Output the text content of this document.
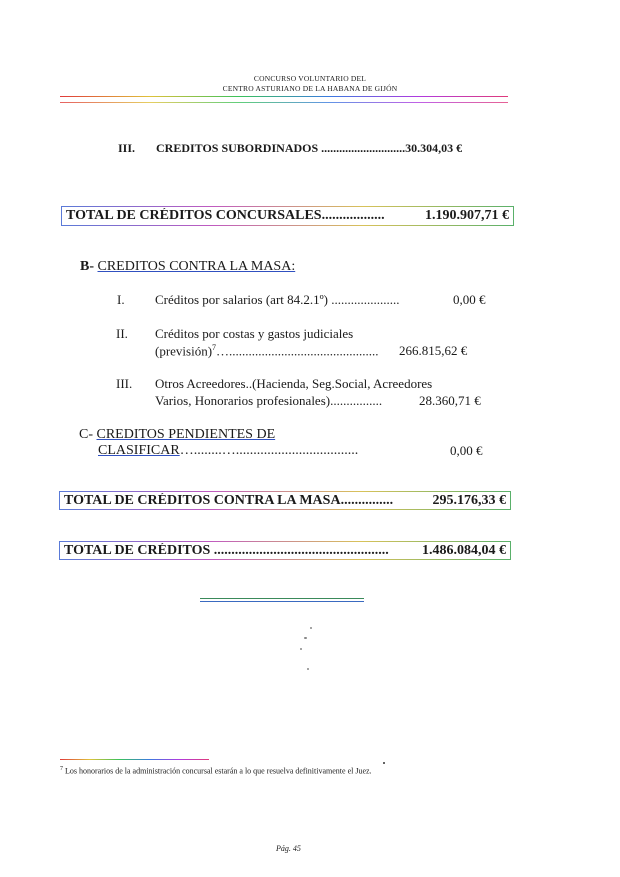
CONCURSO VOLUNTARIO DEL
CENTRO ASTURIANO DE LA HABANA DE GIJÓN
III. CREDITOS SUBORDINADOS ............................30.304,03 €
TOTAL DE CRÉDITOS CONCURSALES..................	1.190.907,71 €
B- CREDITOS CONTRA LA MASA:
I. Créditos por salarios (art 84.2.1º) .....................	0,00 €
II. Créditos por costas y gastos judiciales
(previsión)$^7$….............................................. 266.815,62 €
III. Otros Acreedores..(Hacienda, Seg.Social, Acreedores
Varios, Honorarios profesionales)................	28.360,71 €
C- CREDITOS PENDIENTES DE
CLASIFICAR…........…...................................	0,00 €
TOTAL DE CRÉDITOS CONTRA LA MASA...............	295.176,33 €
TOTAL DE CRÉDITOS ..................................................	1.486.084,04 €
$^7$ Los honorarios de la administración concursal estarán a lo que resuelva definitivamente el Juez.
Pág. 45
